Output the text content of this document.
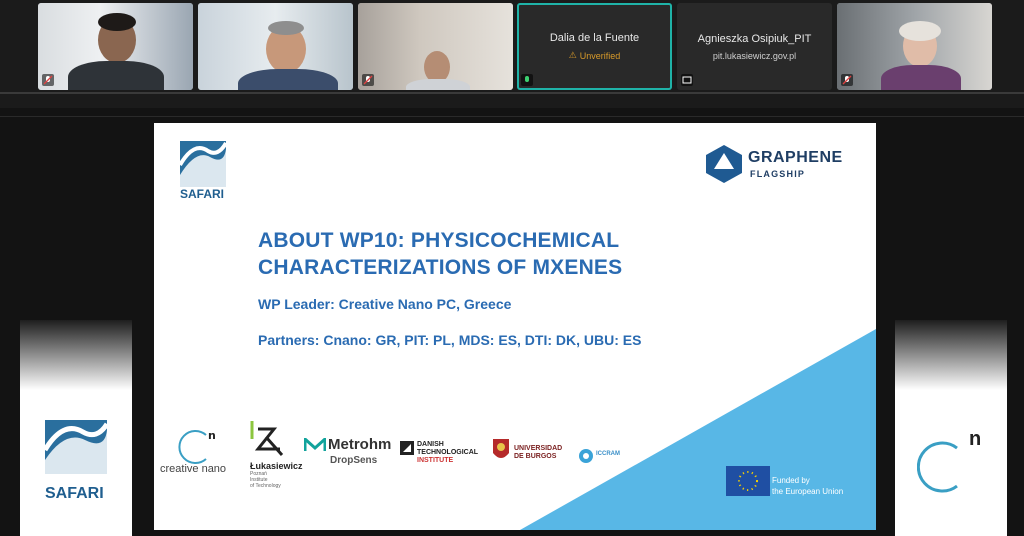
Dalia de la Fuente
⚠ Unverified
Agnieszka Osipiuk_PIT
pit.lukasiewicz.gov.pl
SAFARI
n
SAFARI
GRAPHENE
FLAGSHIP
ABOUT WP10: PHYSICOCHEMICAL
CHARACTERIZATIONS OF MXENES
WP Leader: Creative Nano PC, Greece
Partners: Cnano: GR, PIT: PL, MDS: ES, DTI: DK, UBU: ES
n
creative nano	Łukasiewicz
Poznań
Institute
of Technology
Metrohm
DropSens
DANISH
TECHNOLOGICAL
INSTITUTE
UNIVERSIDAD
DE BURGOS	ICCRAM
Funded by
the European Union
